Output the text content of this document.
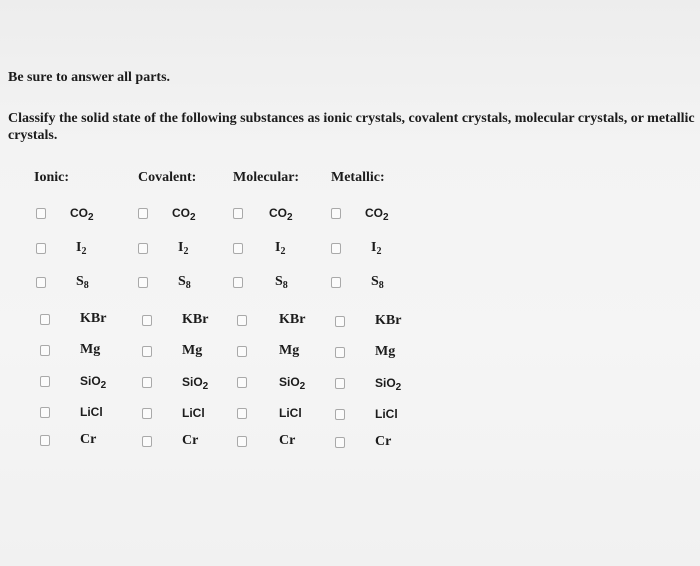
Be sure to answer all parts.
Classify the solid state of the following substances as ionic crystals, covalent crystals, molecular crystals, or metallic crystals.
Ionic:	Covalent:	Molecular: Metallic:
$CO_2$	$CO_2$	$CO_2$	$CO_2$
$I_2$	$I_2$	$I_2$	$I_2$
$S_8$	$S_8$	$S_8$	$S_8$
KBr	KBr	KBr	KBr
Mg	Mg	Mg	Mg
SiO$_2$	SiO$_2$	SiO$_2$	SiO$_2$
LiCl	LiCl	LiCl	LiCl
Cr	Cr	Cr	Cr
